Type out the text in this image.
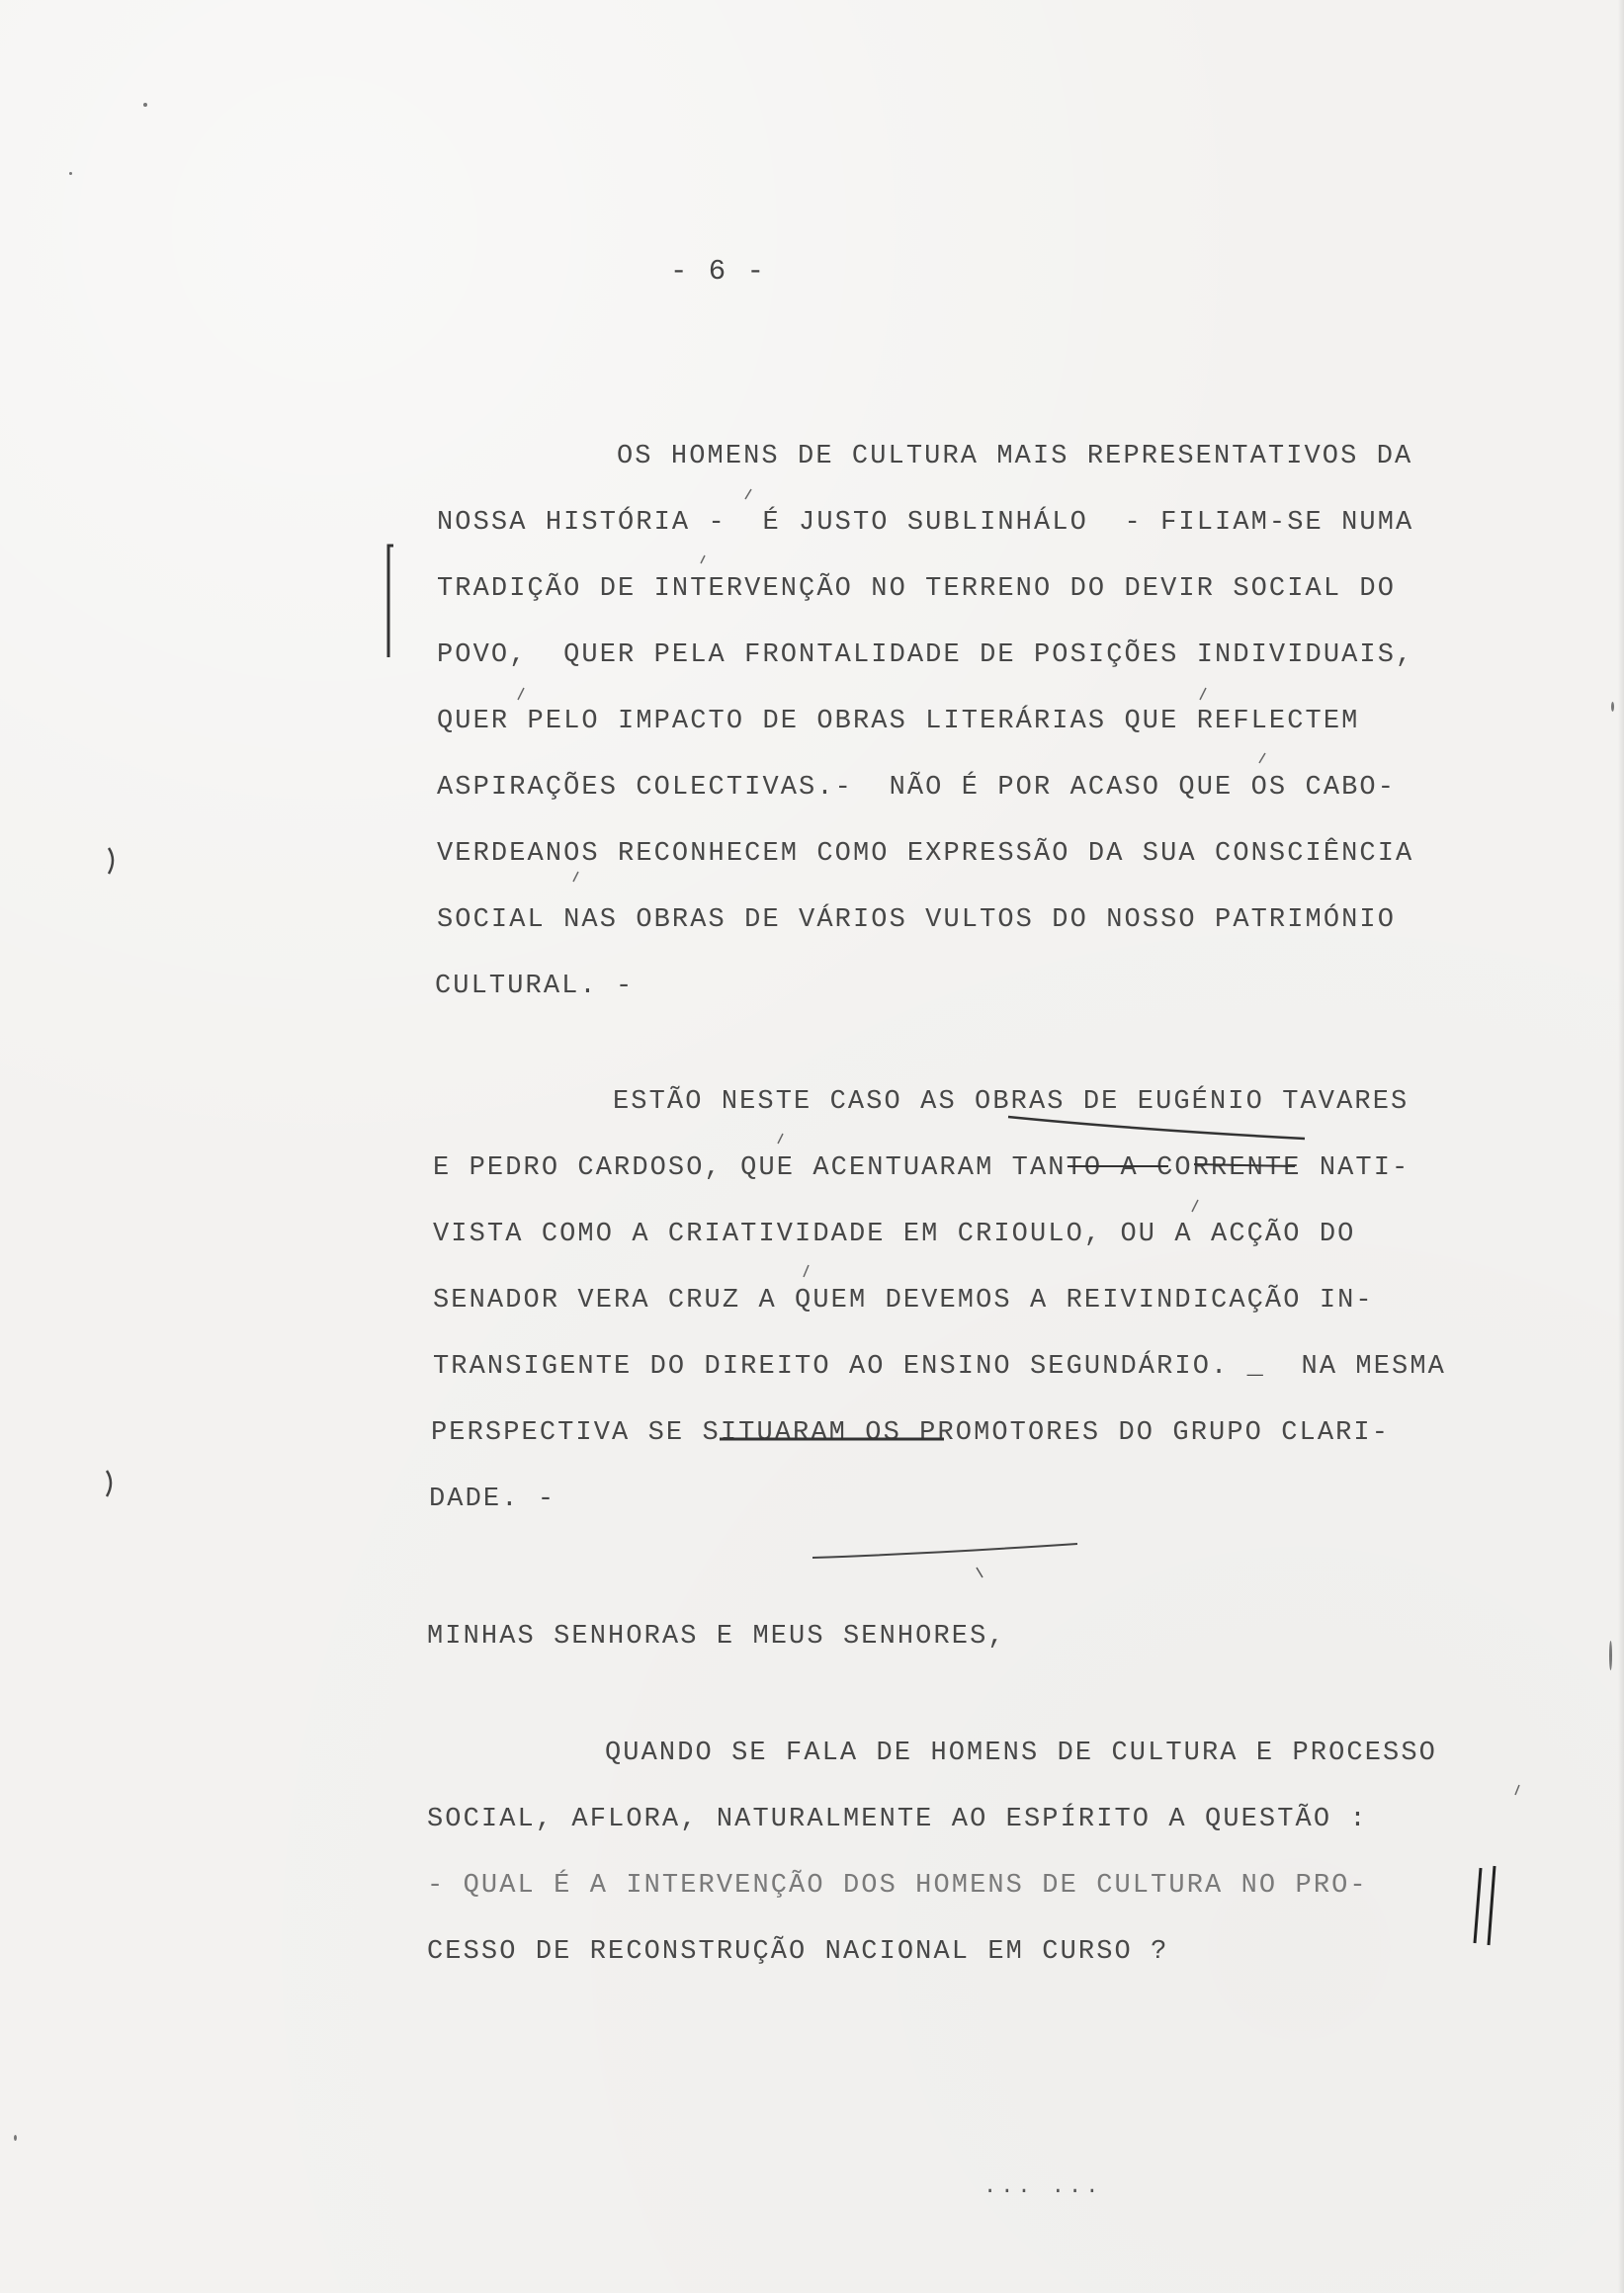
- 6 -
OS HOMENS DE CULTURA MAIS REPRESENTATIVOS DA
NOSSA HISTÓRIA -  É JUSTO SUBLINHÁLO  - FILIAM-SE NUMA
TRADIÇÃO DE INTERVENÇÃO NO TERRENO DO DEVIR SOCIAL DO
POVO,  QUER PELA FRONTALIDADE DE POSIÇÕES INDIVIDUAIS,
QUER PELO IMPACTO DE OBRAS LITERÁRIAS QUE REFLECTEM
ASPIRAÇÕES COLECTIVAS.-  NÃO É POR ACASO QUE OS CABO-
VERDEANOS RECONHECEM COMO EXPRESSÃO DA SUA CONSCIÊNCIA
SOCIAL NAS OBRAS DE VÁRIOS VULTOS DO NOSSO PATRIMÓNIO
CULTURAL. -
ESTÃO NESTE CASO AS OBRAS DE EUGÉNIO TAVARES
E PEDRO CARDOSO, QUE ACENTUARAM TANTO A CORRENTE NATI-
VISTA COMO A CRIATIVIDADE EM CRIOULO, OU A ACÇÃO DO
SENADOR VERA CRUZ A QUEM DEVEMOS A REIVINDICAÇÃO IN-
TRANSIGENTE DO DIREITO AO ENSINO SEGUNDÁRIO. _  NA MESMA
PERSPECTIVA SE SITUARAM OS PROMOTORES DO GRUPO CLARI-
DADE. -
MINHAS SENHORAS E MEUS SENHORES,
QUANDO SE FALA DE HOMENS DE CULTURA E PROCESSO
SOCIAL, AFLORA, NATURALMENTE AO ESPÍRITO A QUESTÃO :
- QUAL É A INTERVENÇÃO DOS HOMENS DE CULTURA NO PRO-
CESSO DE RECONSTRUÇÃO NACIONAL EM CURSO ?
... ...
